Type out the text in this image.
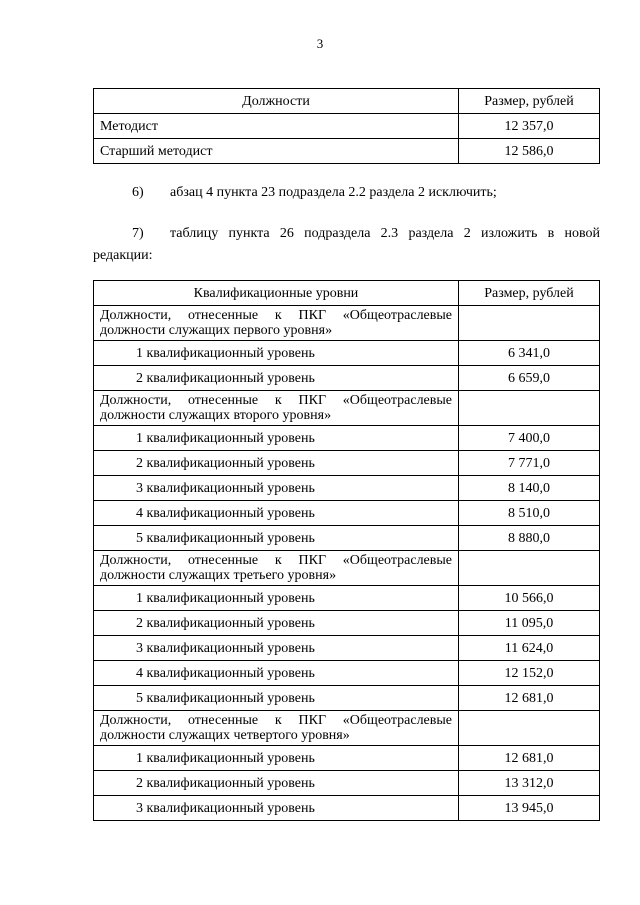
3
Должности	Размер, рублей
Методист	12 357,0
Старший методист	12 586,0
6) абзац 4 пункта 23 подраздела 2.2 раздела 2 исключить;
7)	таблицу пункта 26 подраздела 2.3 раздела 2 изложить в новой
редакции:
Квалификационные уровни	Размер, рублей
Должности, отнесенные к ПКГ «Общеотраслевые должности служащих первого уровня»	
1 квалификационный уровень	6 341,0
2 квалификационный уровень	6 659,0
Должности, отнесенные к ПКГ «Общеотраслевые должности служащих второго уровня»	
1 квалификационный уровень	7 400,0
2 квалификационный уровень	7 771,0
3 квалификационный уровень	8 140,0
4 квалификационный уровень	8 510,0
5 квалификационный уровень	8 880,0
Должности, отнесенные к ПКГ «Общеотраслевые должности служащих третьего уровня»	
1 квалификационный уровень	10 566,0
2 квалификационный уровень	11 095,0
3 квалификационный уровень	11 624,0
4 квалификационный уровень	12 152,0
5 квалификационный уровень	12 681,0
Должности, отнесенные к ПКГ «Общеотраслевые должности служащих четвертого уровня»	
1 квалификационный уровень	12 681,0
2 квалификационный уровень	13 312,0
3 квалификационный уровень	13 945,0
